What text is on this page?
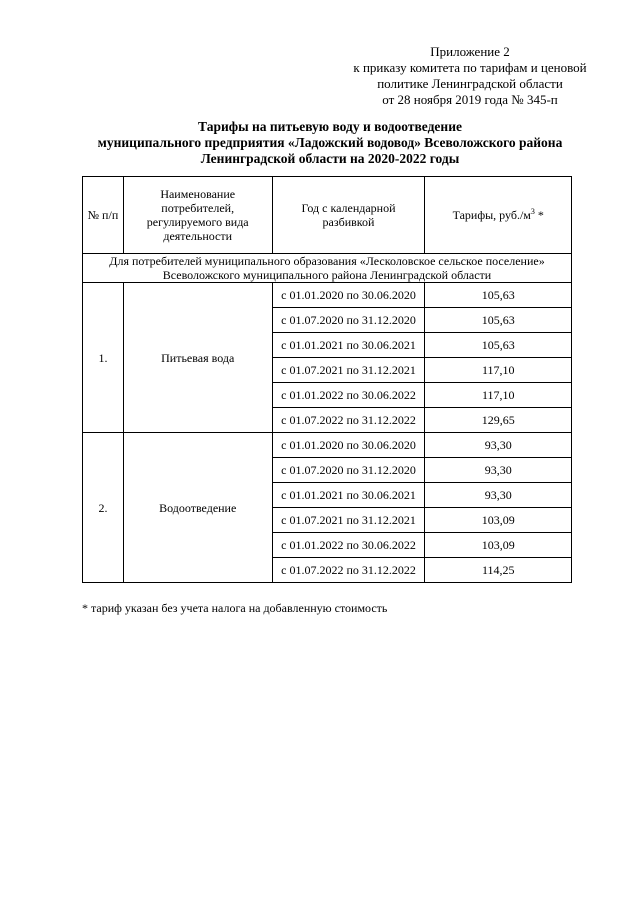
Приложение 2
к приказу комитета по тарифам и ценовой
политике Ленинградской области
от 28 ноября 2019 года № 345-п
Тарифы на питьевую воду и водоотведение
муниципального предприятия «Ладожский водовод» Всеволожского района
Ленинградской области на 2020-2022 годы
№ п/п	Наименование потребителей, регулируемого вида деятельности	Год с календарной разбивкой	Тарифы, $руб./м^3$ *
Для потребителей муниципального образования «Лесколовское сельское поселение» Всеволожского муниципального района Ленинградской области			
1.	Питьевая вода	с 01.01.2020 по 30.06.2020	105,63
		с 01.07.2020 по 31.12.2020	105,63
		с 01.01.2021 по 30.06.2021	105,63
		с 01.07.2021 по 31.12.2021	117,10
		с 01.01.2022 по 30.06.2022	117,10
		с 01.07.2022 по 31.12.2022	129,65
2.	Водоотведение	с 01.01.2020 по 30.06.2020	93,30
		с 01.07.2020 по 31.12.2020	93,30
		с 01.01.2021 по 30.06.2021	93,30
		с 01.07.2021 по 31.12.2021	103,09
		с 01.01.2022 по 30.06.2022	103,09
		с 01.07.2022 по 31.12.2022	114,25
* тариф указан без учета налога на добавленную стоимость
